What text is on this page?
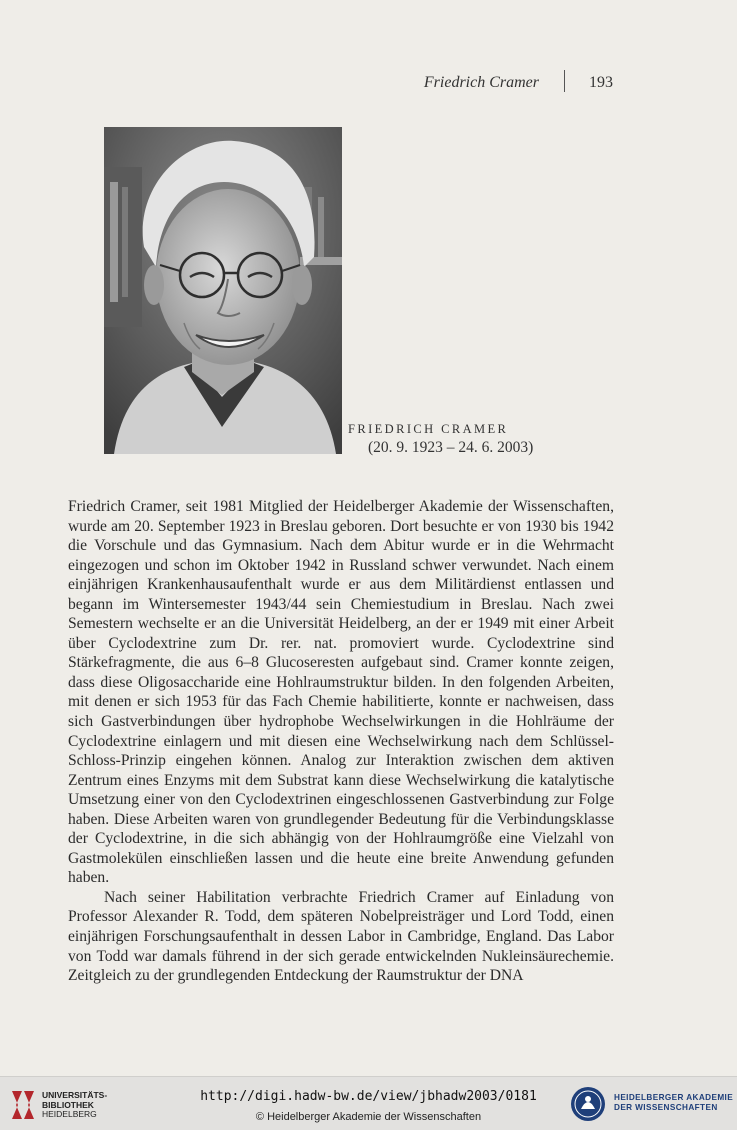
Friedrich Cramer	193
FRIEDRICH CRAMER
(20. 9. 1923 – 24. 6. 2003)

Friedrich Cramer, seit 1981 Mitglied der Heidelberger Akademie der Wissenschaften, wurde am 20. September 1923 in Breslau geboren. Dort besuchte er von 1930 bis 1942 die Vorschule und das Gymnasium. Nach dem Abitur wurde er in die Wehrmacht eingezogen und schon im Oktober 1942 in Russland schwer verwundet. Nach einem einjährigen Krankenhausaufenthalt wurde er aus dem Militärdienst entlassen und begann im Wintersemester 1943/44 sein Chemiestudium in Breslau. Nach zwei Semestern wechselte er an die Universität Heidelberg, an der er 1949 mit einer Arbeit über Cyclodextrine zum Dr. rer. nat. promoviert wurde. Cyclodextrine sind Stärkefragmente, die aus 6–8 Glucoseresten aufgebaut sind. Cramer konnte zeigen, dass diese Oligosaccharide eine Hohlraumstruktur bilden. In den folgenden Arbeiten, mit denen er sich 1953 für das Fach Chemie habilitierte, konnte er nachweisen, dass sich Gastverbindungen über hydrophobe Wechselwirkungen in die Hohlräume der Cyclodextrine einlagern und mit diesen eine Wechselwirkung nach dem Schlüssel-Schloss-Prinzip eingehen können. Analog zur Interaktion zwischen dem aktiven Zentrum eines Enzyms mit dem Substrat kann diese Wechselwirkung die katalytische Umsetzung einer von den Cyclodextrinen eingeschlossenen Gastverbindung zur Folge haben. Diese Arbeiten waren von grundlegender Bedeutung für die Verbindungsklasse der Cyclodextrine, in die sich abhängig von der Hohlraumgröße eine Vielzahl von Gastmolekülen einschließen lassen und die heute eine breite Anwendung gefunden haben.

Nach seiner Habilitation verbrachte Friedrich Cramer auf Einladung von Professor Alexander R. Todd, dem späteren Nobelpreisträger und Lord Todd, einen einjährigen Forschungsaufenthalt in dessen Labor in Cambridge, England. Das Labor von Todd war damals führend in der sich gerade entwickelnden Nukleinsäurechemie. Zeitgleich zu der grundlegenden Entdeckung der Raumstruktur der DNA

UNIVERSITÄTS-
BIBLIOTHEK
HEIDELBERG
http://digi.hadw-bw.de/view/jbhadw2003/0181
© Heidelberger Akademie der Wissenschaften
HEIDELBERGER AKADEMIE
DER WISSENSCHAFTEN
